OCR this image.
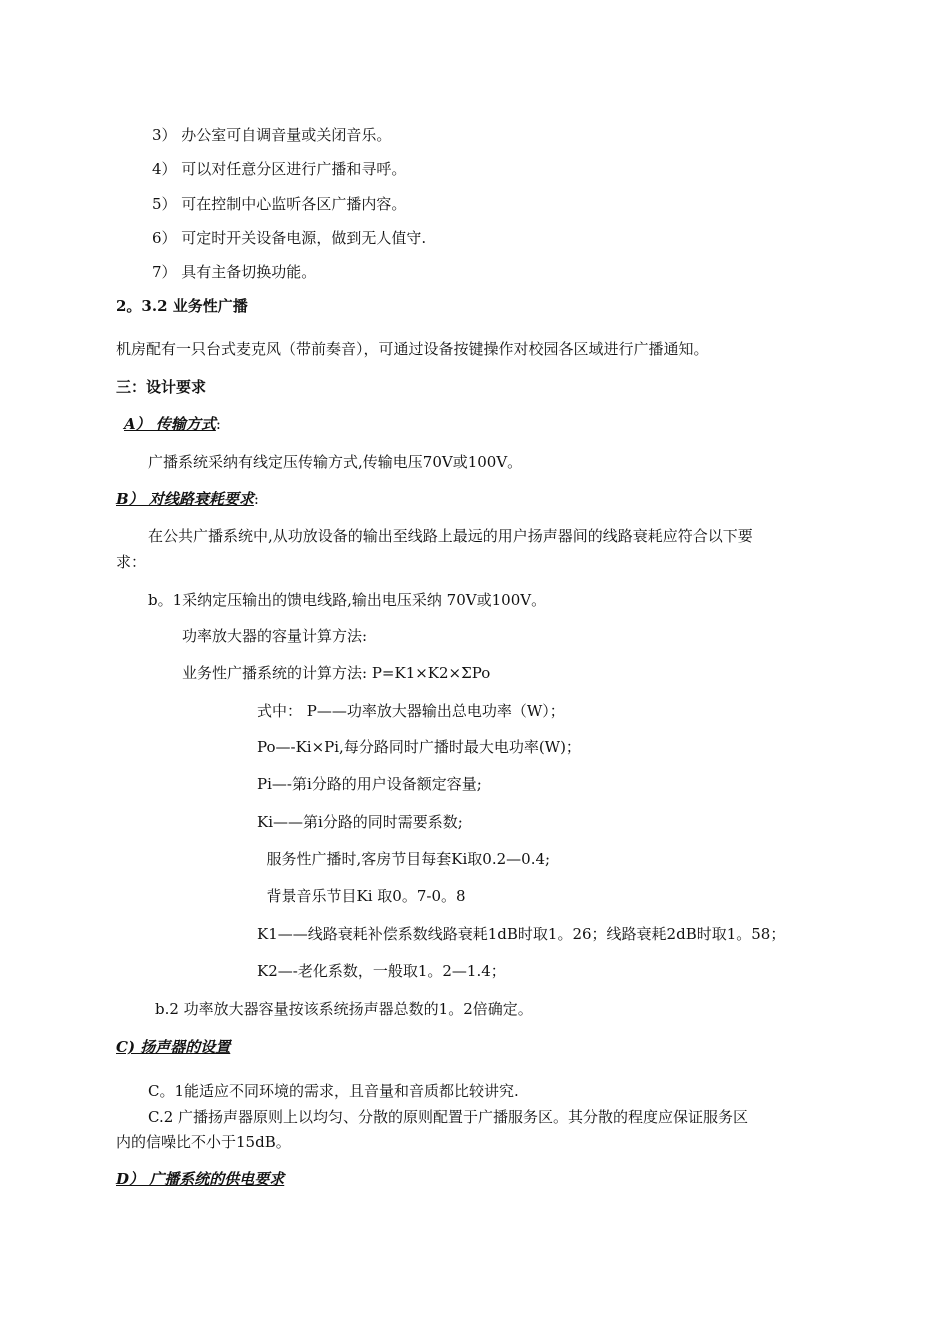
3） 办公室可自调音量或关闭音乐。
4） 可以对任意分区进行广播和寻呼。
5） 可在控制中心监听各区广播内容。
6） 可定时开关设备电源，做到无人值守.
7） 具有主备切换功能。
2。3.2 业务性广播
机房配有一只台式麦克风（带前奏音），可通过设备按键操作对校园各区域进行广播通知。
三：设计要求
A） 传输方式:
广播系统采纳有线定压传输方式,传输电压70V或100V。
B） 对线路衰耗要求:
在公共广播系统中,从功放设备的输出至线路上最远的用户扬声器间的线路衰耗应符合以下要
求：
b。1采纳定压输出的馈电线路,输出电压采纳 70V或100V。
功率放大器的容量计算方法:
业务性广播系统的计算方法: P=K1×K2×ΣPo
式中： P——功率放大器输出总电功率（W）；
Po—-Ki×Pi,每分路同时广播时最大电功率(W)；
Pi—-第i分路的用户设备额定容量;
Ki——第i分路的同时需要系数;
服务性广播时,客房节目每套Ki取0.2—0.4;
背景音乐节目Ki 取0。7-0。8
K1——线路衰耗补偿系数线路衰耗1dB时取1。26；线路衰耗2dB时取1。58；
K2—-老化系数，一般取1。2—1.4；
b.2 功率放大器容量按该系统扬声器总数的1。2倍确定。
C) 扬声器的设置
C。1能适应不同环境的需求，且音量和音质都比较讲究.
C.2 广播扬声器原则上以均匀、分散的原则配置于广播服务区。其分散的程度应保证服务区
内的信噪比不小于15dB。
D） 广播系统的供电要求
